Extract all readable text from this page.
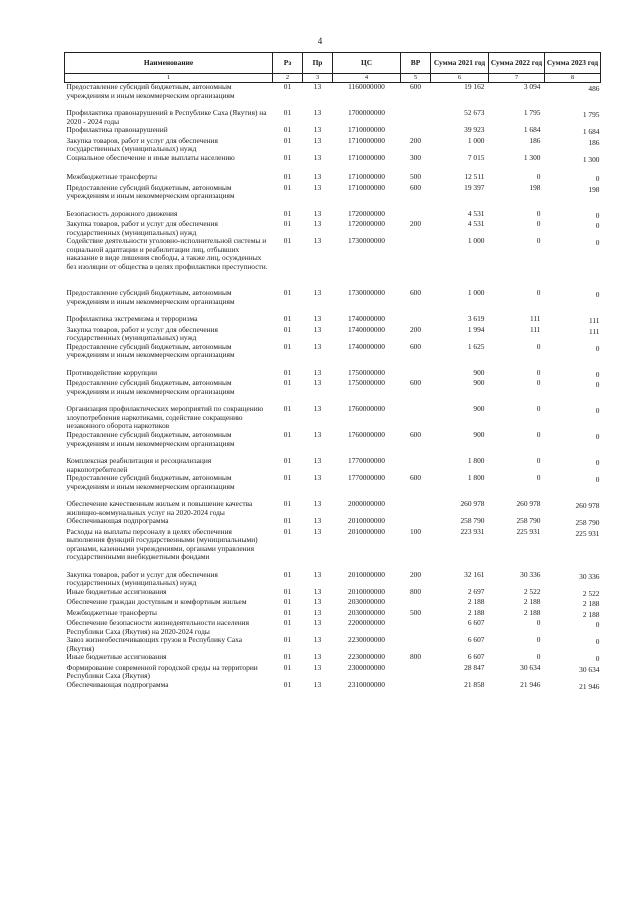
4
Наименование	Рз	Пр	ЦС	ВР	Сумма 2021 год	Сумма 2022 год	Сумма 2023 год
1	2	3	4	5	6	7	8
Предоставление субсидий бюджетным, автономным учреждениям и иным некоммерческим организациям	01	13	1160000000	600	19 162	3 094	486

Профилактика правонарушений в Республике Саха (Якутия) на 2020 - 2024 годы	01	13	1700000000		52 673	1 795	1 795
Профилактика правонарушений	01	13	1710000000		39 923	1 684	1 684
Закупка товаров, работ и услуг для обеспечения государственных (муниципальных) нужд	01	13	1710000000	200	1 000	186	186
Социальное обеспечение и иные выплаты населению	01	13	1710000000	300	7 015	1 300	1 300

Межбюджетные трансферты	01	13	1710000000	500	12 511	0	0
Предоставление субсидий бюджетным, автономным учреждениям и иным некоммерческим организациям	01	13	1710000000	600	19 397	198	198

Безопасность дорожного движения	01	13	1720000000		4 531	0	0
Закупка товаров, работ и услуг для обеспечения государственных (муниципальных) нужд	01	13	1720000000	200	4 531	0	0
Содействие деятельности уголовно-исполнительной системы и социальной адаптации и реабилитации лиц, отбывших наказание в виде лишения свободы, а также лиц, осужденных без изоляции от общества в целях профилактики преступности.	01	13	1730000000		1 000	0	0

Предоставление субсидий бюджетным, автономным учреждениям и иным некоммерческим организациям	01	13	1730000000	600	1 000	0	0

Профилактика экстремизма и терроризма	01	13	1740000000		3 619	111	111
Закупка товаров, работ и услуг для обеспечения государственных (муниципальных) нужд	01	13	1740000000	200	1 994	111	111
Предоставление субсидий бюджетным, автономным учреждениям и иным некоммерческим организациям	01	13	1740000000	600	1 625	0	0

Противодействие коррупции	01	13	1750000000		900	0	0
Предоставление субсидий бюджетным, автономным учреждениям и иным некоммерческим организациям	01	13	1750000000	600	900	0	0

Организация профилактических мероприятий по сокращению злоупотребления наркотиками, содействие сокращению незаконного оборота наркотиков	01	13	1760000000		900	0	0
Предоставление субсидий бюджетным, автономным учреждениям и иным некоммерческим организациям	01	13	1760000000	600	900	0	0

Комплексная реабилитация и ресоциализация наркопотребителей	01	13	1770000000		1 800	0	0
Предоставление субсидий бюджетным, автономным учреждениям и иным некоммерческим организациям	01	13	1770000000	600	1 800	0	0

Обеспечение качественным жильем и повышение качества жилищно-коммунальных услуг на 2020-2024 годы	01	13	2000000000		260 978	260 978	260 978
Обеспечивающая подпрограмма	01	13	2010000000		258 790	258 790	258 790
Расходы на выплаты персоналу в целях обеспечения выполнения функций государственными (муниципальными) органами, казенными учреждениями, органами управления государственными внебюджетными фондами	01	13	2010000000	100	223 931	225 931	225 931

Закупка товаров, работ и услуг для обеспечения государственных (муниципальных) нужд	01	13	2010000000	200	32 161	30 336	30 336
Иные бюджетные ассигнования	01	13	2010000000	800	2 697	2 522	2 522
Обеспечение граждан доступным и комфортным жильем	01	13	2030000000		2 188	2 188	2 188
Межбюджетные трансферты	01	13	2030000000	500	2 188	2 188	2 188
Обеспечение безопасности жизнедеятельности населения Республики Саха (Якутия) на 2020-2024 годы	01	13	2200000000		6 607	0	0
Завоз жизнеобеспечивающих грузов в Республику Саха (Якутия)	01	13	2230000000		6 607	0	0
Иные бюджетные ассигнования	01	13	2230000000	800	6 607	0	0
Формирование современной городской среды на территории Республики Саха (Якутия)	01	13	2300000000		28 847	30 634	30 634
Обеспечивающая подпрограмма	01	13	2310000000		21 858	21 946	21 946
